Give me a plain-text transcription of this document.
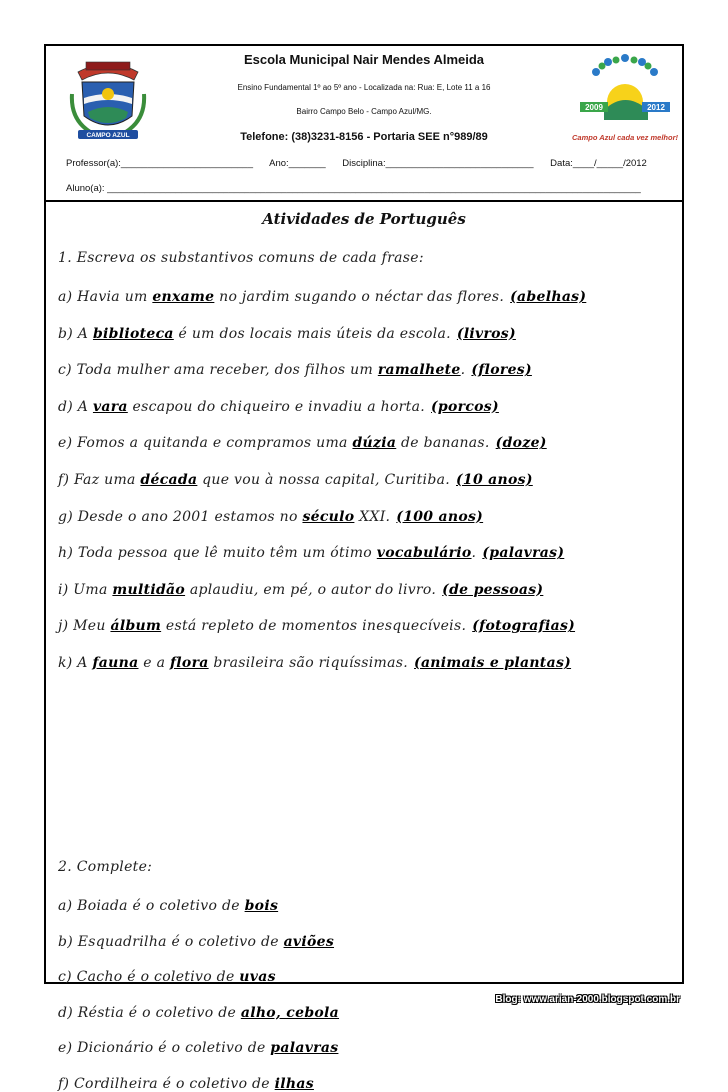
CAMPO AZUL
Escola Municipal Nair Mendes Almeida
Ensino Fundamental 1º ao 5º ano - Localizada na: Rua: E, Lote 11 a 16
Bairro Campo Belo - Campo Azul/MG.
Telefone: (38)3231-8156 - Portaria SEE n°989/89
2009	2012
Campo Azul cada vez melhor!
Professor(a):_________________________ Ano:_______ Disciplina:____________________________ Data:____/_____/2012
Aluno(a): _____________________________________________________________________________________________________
Atividades de Português
1. Escreva os substantivos comuns de cada frase:
a) Havia um enxame no jardim sugando o néctar das flores. (abelhas)
b) A biblioteca é um dos locais mais úteis da escola. (livros)
c) Toda mulher ama receber, dos filhos um ramalhete. (flores)
d) A vara escapou do chiqueiro e invadiu a horta. (porcos)
e) Fomos a quitanda e compramos uma dúzia de bananas. (doze)
f) Faz uma década que vou à nossa capital, Curitiba. (10 anos)
g) Desde o ano 2001 estamos no século XXI. (100 anos)
h) Toda pessoa que lê muito têm um ótimo vocabulário. (palavras)
i) Uma multidão aplaudiu, em pé, o autor do livro. (de pessoas)
j) Meu álbum está repleto de momentos inesquecíveis. (fotografias)
k) A fauna e a flora brasileira são riquíssimas. (animais e plantas)
2. Complete:
a) Boiada é o coletivo de bois
b) Esquadrilha é o coletivo de aviões
c) Cacho é o coletivo de uvas
d) Réstia é o coletivo de alho, cebola
e) Dicionário é o coletivo de palavras
f) Cordilheira é o coletivo de ilhas
Blog: www.arian-2000.blogspot.com.br
